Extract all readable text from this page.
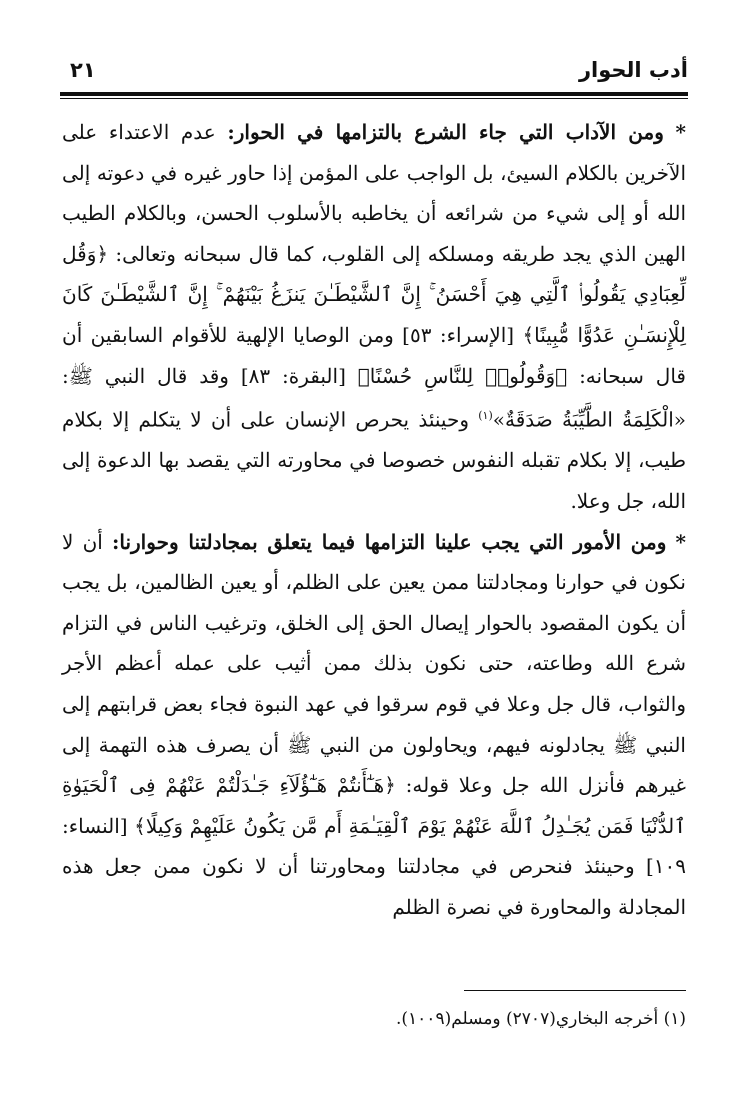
أدب الحوار
٢١

* ومن الآداب التي جاء الشرع بالتزامها في الحوار: عدم الاعتداء على الآخرين بالكلام السيئ، بل الواجب على المؤمن إذا حاور غيره في دعوته إلى الله أو إلى شيء من شرائعه أن يخاطبه بالأسلوب الحسن، وبالكلام الطيب الهين الذي يجد طريقه ومسلكه إلى القلوب، كما قال سبحانه وتعالى: ﴿وَقُل لِّعِبَادِي يَقُولُوا۟ ٱلَّتِي هِيَ أَحْسَنُ ۚ إِنَّ ٱلشَّيْطَـٰنَ يَنزَغُ بَيْنَهُمْ ۚ إِنَّ ٱلشَّيْطَـٰنَ كَانَ لِلْإِنسَـٰنِ عَدُوًّا مُّبِينًا﴾ [الإسراء: ٥٣] ومن الوصايا الإلهية للأقوام السابقين أن قال سبحانه: ﴿وَقُولُوا۟ لِلنَّاسِ حُسْنًا﴾ [البقرة: ٨٣] وقد قال النبي ﷺ: «الْكَلِمَةُ الطَّيِّبَةُ صَدَقَةٌ»$^{(١)}$ وحينئذ يحرص الإنسان على أن لا يتكلم إلا بكلام طيب، إلا بكلام تقبله النفوس خصوصا في محاورته التي يقصد بها الدعوة إلى الله، جل وعلا.

* ومن الأمور التي يجب علينا التزامها فيما يتعلق بمجادلتنا وحوارنا: أن لا نكون في حوارنا ومجادلتنا ممن يعين على الظلم، أو يعين الظالمين، بل يجب أن يكون المقصود بالحوار إيصال الحق إلى الخلق، وترغيب الناس في التزام شرع الله وطاعته، حتى نكون بذلك ممن أثيب على عمله أعظم الأجر والثواب، قال جل وعلا في قوم سرقوا في عهد النبوة فجاء بعض قرابتهم إلى النبي ﷺ يجادلونه فيهم، ويحاولون من النبي ﷺ أن يصرف هذه التهمة إلى غيرهم فأنزل الله جل وعلا قوله: ﴿هَـٰٓأَنتُمْ هَـٰٓؤُلَآءِ جَـٰدَلْتُمْ عَنْهُمْ فِى ٱلْحَيَوٰةِ ٱلدُّنْيَا فَمَن يُجَـٰدِلُ ٱللَّهَ عَنْهُمْ يَوْمَ ٱلْقِيَـٰمَةِ أَم مَّن يَكُونُ عَلَيْهِمْ وَكِيلًا﴾ [النساء: ١٠٩] وحينئذ فنحرص في مجادلتنا ومحاورتنا أن لا نكون ممن جعل هذه المجادلة والمحاورة في نصرة الظلم

(١) أخرجه البخاري(٢٧٠٧) ومسلم(١٠٠٩).
